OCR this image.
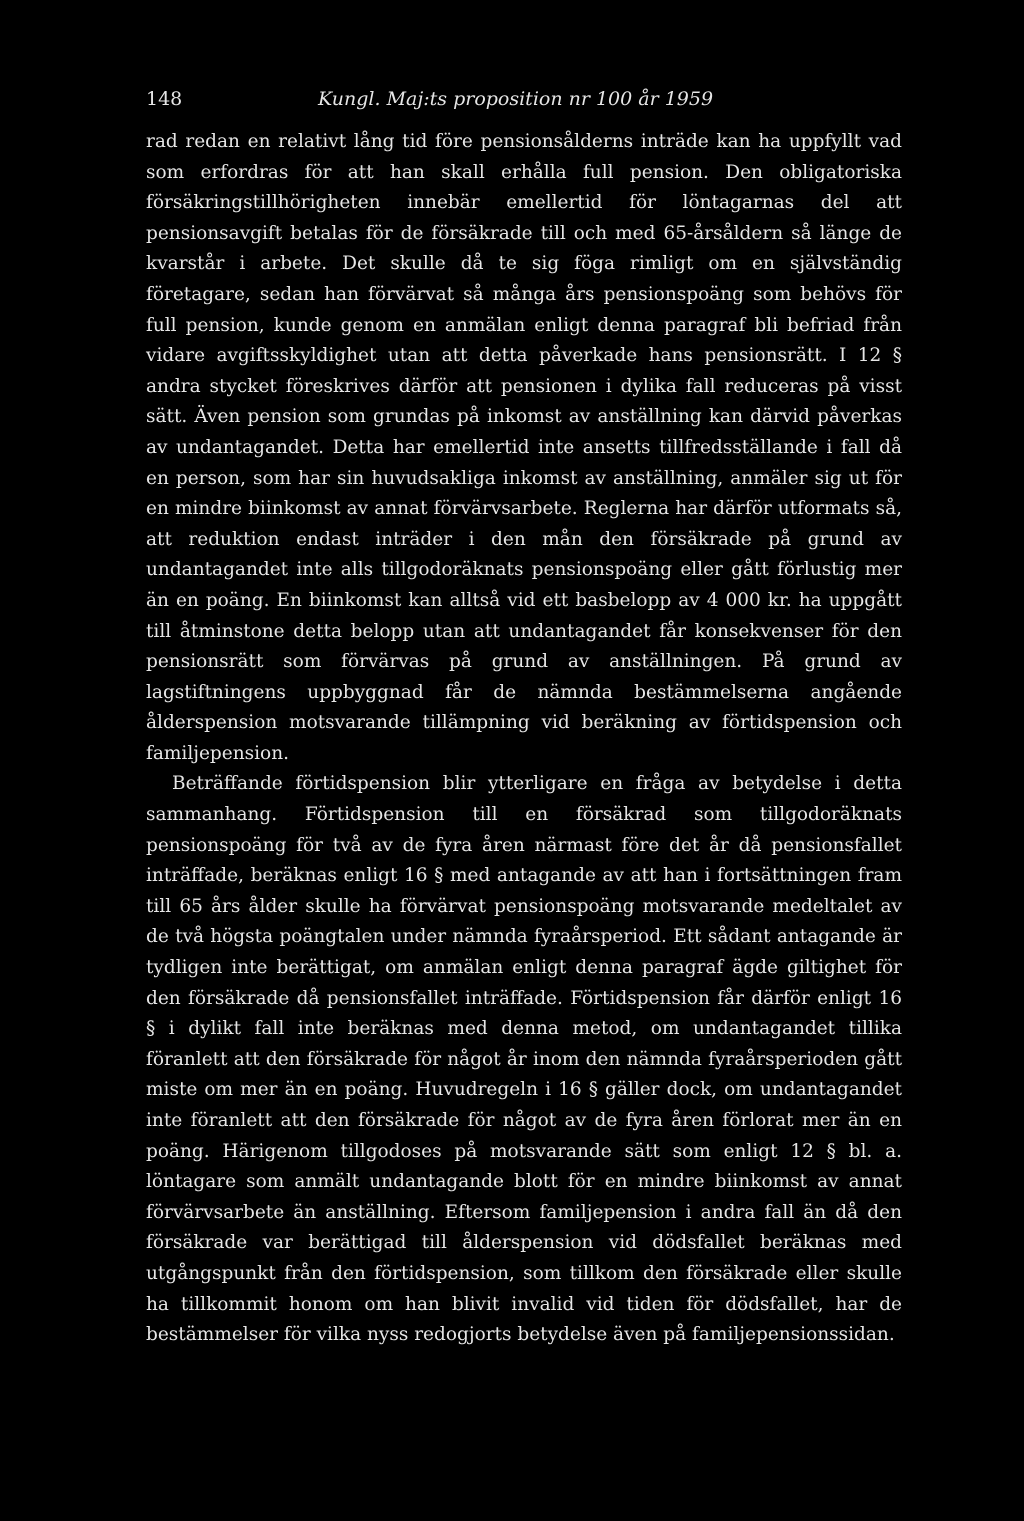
148	Kungl. Maj:ts proposition nr 100 år 1959

rad redan en relativt lång tid före pensionsålderns inträde kan ha uppfyllt vad som erfordras för att han skall erhålla full pension. Den obligatoriska försäkringstillhörigheten innebär emellertid för löntagarnas del att pensionsavgift betalas för de försäkrade till och med 65-årsåldern så länge de kvarstår i arbete. Det skulle då te sig föga rimligt om en självständig företagare, sedan han förvärvat så många års pensionspoäng som behövs för full pension, kunde genom en anmälan enligt denna paragraf bli befriad från vidare avgiftsskyldighet utan att detta påverkade hans pensionsrätt. I 12 § andra stycket föreskrives därför att pensionen i dylika fall reduceras på visst sätt. Även pension som grundas på inkomst av anställning kan därvid påverkas av undantagandet. Detta har emellertid inte ansetts tillfredsställande i fall då en person, som har sin huvudsakliga inkomst av anställning, anmäler sig ut för en mindre biinkomst av annat förvärvsarbete. Reglerna har därför utformats så, att reduktion endast inträder i den mån den försäkrade på grund av undantagandet inte alls tillgodoräknats pensionspoäng eller gått förlustig mer än en poäng. En biinkomst kan alltså vid ett basbelopp av 4 000 kr. ha uppgått till åtminstone detta belopp utan att undantagandet får konsekvenser för den pensionsrätt som förvärvas på grund av anställningen. På grund av lagstiftningens uppbyggnad får de nämnda bestämmelserna angående ålderspension motsvarande tillämpning vid beräkning av förtidspension och familjepension.

Beträffande förtidspension blir ytterligare en fråga av betydelse i detta sammanhang. Förtidspension till en försäkrad som tillgodoräknats pensionspoäng för två av de fyra åren närmast före det år då pensionsfallet inträffade, beräknas enligt 16 § med antagande av att han i fortsättningen fram till 65 års ålder skulle ha förvärvat pensionspoäng motsvarande medeltalet av de två högsta poängtalen under nämnda fyraårsperiod. Ett sådant antagande är tydligen inte berättigat, om anmälan enligt denna paragraf ägde giltighet för den försäkrade då pensionsfallet inträffade. Förtidspension får därför enligt 16 § i dylikt fall inte beräknas med denna metod, om undantagandet tillika föranlett att den försäkrade för något år inom den nämnda fyraårsperioden gått miste om mer än en poäng. Huvudregeln i 16 § gäller dock, om undantagandet inte föranlett att den försäkrade för något av de fyra åren förlorat mer än en poäng. Härigenom tillgodoses på motsvarande sätt som enligt 12 § bl. a. löntagare som anmält undantagande blott för en mindre biinkomst av annat förvärvsarbete än anställning. Eftersom familjepension i andra fall än då den försäkrade var berättigad till ålderspension vid dödsfallet beräknas med utgångspunkt från den förtidspension, som tillkom den försäkrade eller skulle ha tillkommit honom om han blivit invalid vid tiden för dödsfallet, har de bestämmelser för vilka nyss redogjorts betydelse även på familjepensionssidan.
